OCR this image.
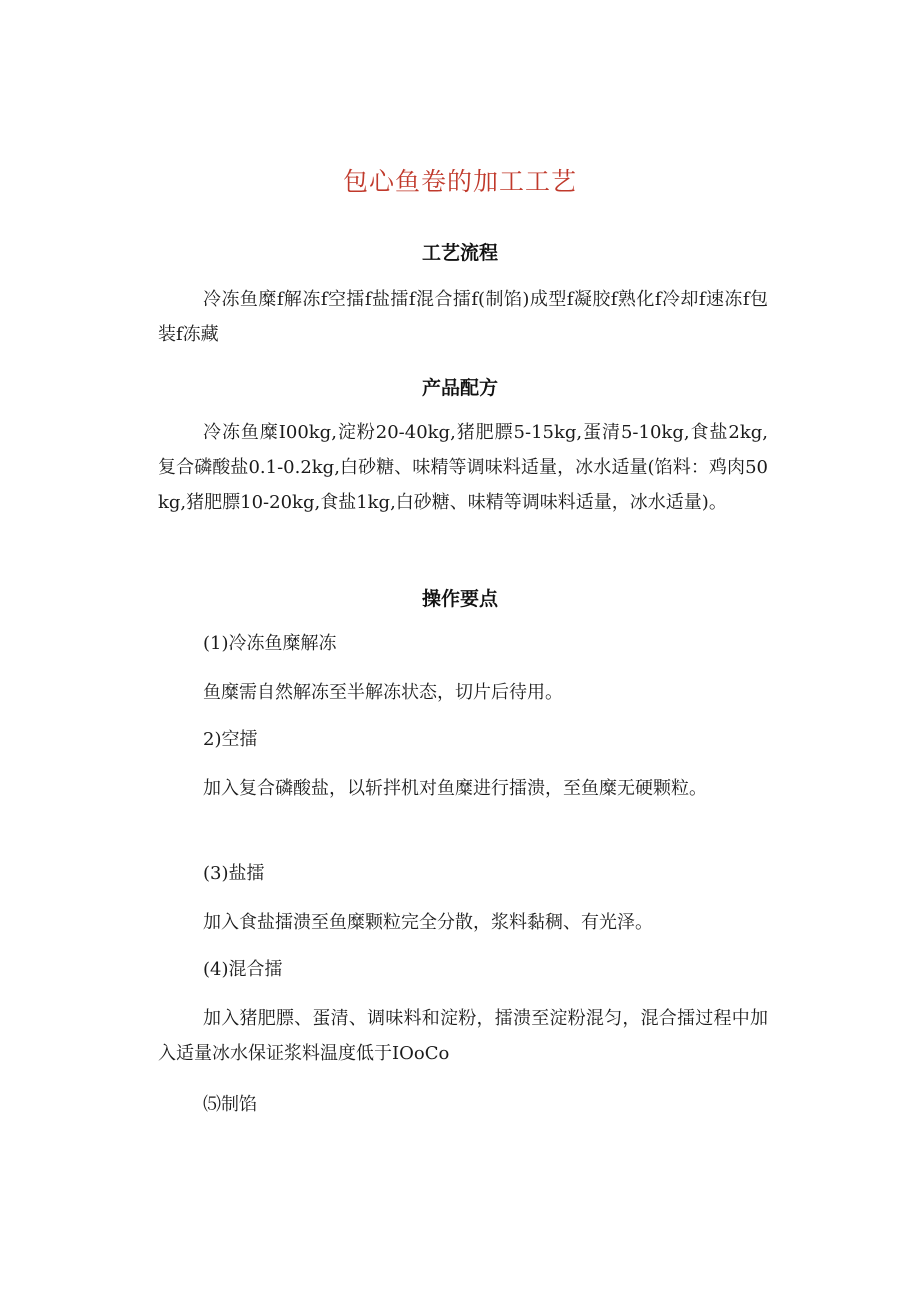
包心鱼卷的加工工艺
工艺流程
冷冻鱼糜f解冻f空擂f盐擂f混合擂f(制馅)成型f凝胶f熟化f冷却f速冻f包装f冻藏
产品配方
冷冻鱼糜I00kg,淀粉20-40kg,猪肥膘5-15kg,蛋清5-10kg,食盐2kg,复合磷酸盐0.1-0.2kg,白砂糖、味精等调味料适量，冰水适量(馅料：鸡肉50kg,猪肥膘10-20kg,食盐1kg,白砂糖、味精等调味料适量，冰水适量)。
操作要点
(1)冷冻鱼糜解冻
鱼糜需自然解冻至半解冻状态，切片后待用。
2)空擂
加入复合磷酸盐，以斩拌机对鱼糜进行擂溃，至鱼糜无硬颗粒。
(3)盐擂
加入食盐擂溃至鱼糜颗粒完全分散，浆料黏稠、有光泽。
(4)混合擂
加入猪肥膘、蛋清、调味料和淀粉，擂溃至淀粉混匀，混合擂过程中加入适量冰水保证浆料温度低于IOoCo
⑸制馅
